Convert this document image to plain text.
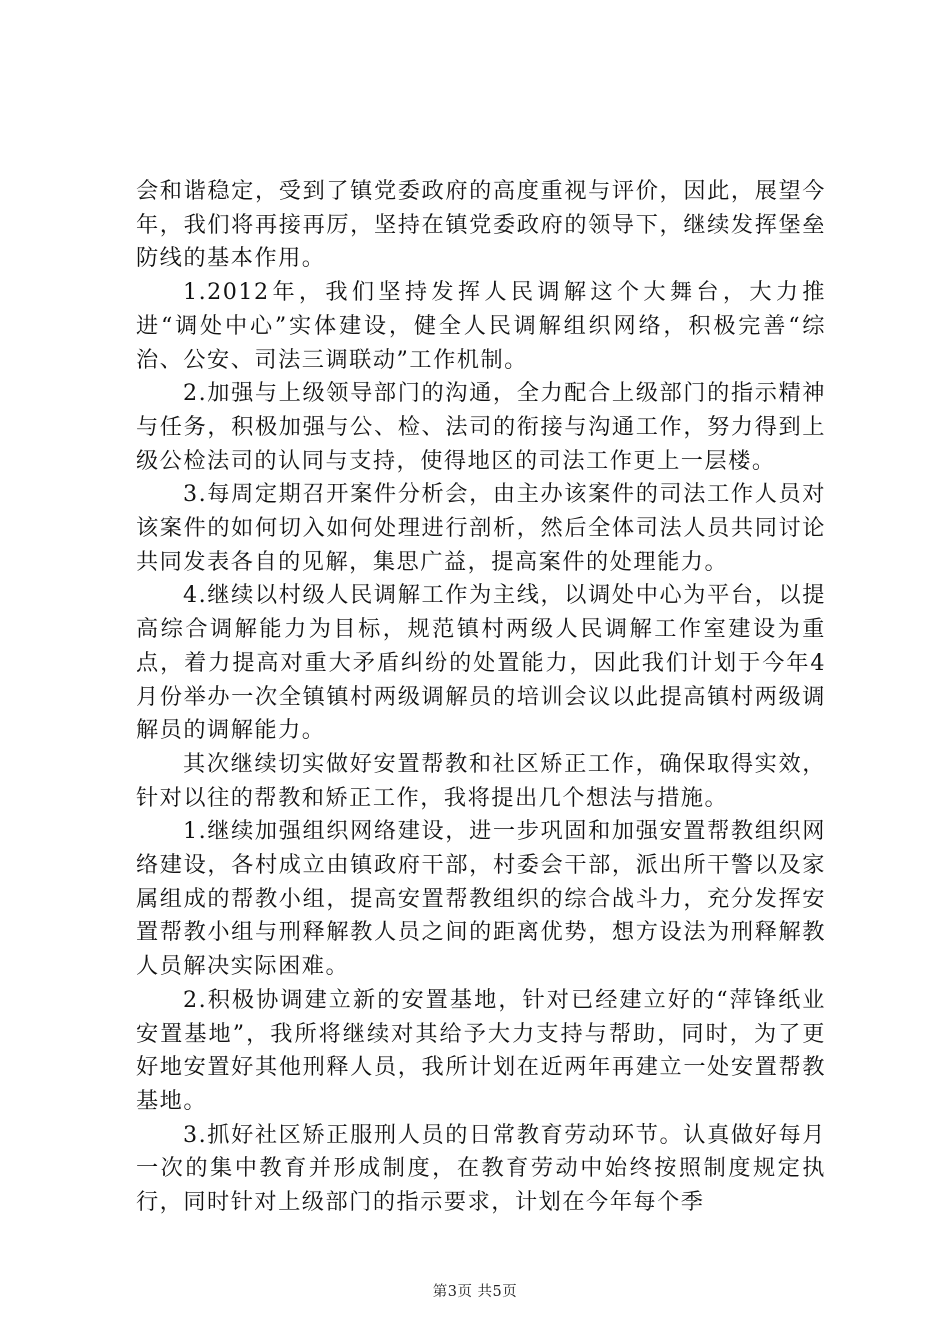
会和谐稳定，受到了镇党委政府的高度重视与评价，因此，展望今年，我们将再接再厉，坚持在镇党委政府的领导下，继续发挥堡垒防线的基本作用。

1.2012年，我们坚持发挥人民调解这个大舞台，大力推进“调处中心”实体建设，健全人民调解组织网络，积极完善“综治、公安、司法三调联动”工作机制。

2.加强与上级领导部门的沟通，全力配合上级部门的指示精神与任务，积极加强与公、检、法司的衔接与沟通工作，努力得到上级公检法司的认同与支持，使得地区的司法工作更上一层楼。

3.每周定期召开案件分析会，由主办该案件的司法工作人员对该案件的如何切入如何处理进行剖析，然后全体司法人员共同讨论共同发表各自的见解，集思广益，提高案件的处理能力。

4.继续以村级人民调解工作为主线，以调处中心为平台，以提高综合调解能力为目标，规范镇村两级人民调解工作室建设为重点，着力提高对重大矛盾纠纷的处置能力，因此我们计划于今年4月份举办一次全镇镇村两级调解员的培训会议以此提高镇村两级调解员的调解能力。

其次继续切实做好安置帮教和社区矫正工作，确保取得实效，针对以往的帮教和矫正工作，我将提出几个想法与措施。

1.继续加强组织网络建设，进一步巩固和加强安置帮教组织网络建设，各村成立由镇政府干部，村委会干部，派出所干警以及家属组成的帮教小组，提高安置帮教组织的综合战斗力，充分发挥安置帮教小组与刑释解教人员之间的距离优势，想方设法为刑释解教人员解决实际困难。

2.积极协调建立新的安置基地，针对已经建立好的“萍锋纸业安置基地”，我所将继续对其给予大力支持与帮助，同时，为了更好地安置好其他刑释人员，我所计划在近两年再建立一处安置帮教基地。

3.抓好社区矫正服刑人员的日常教育劳动环节。认真做好每月一次的集中教育并形成制度，在教育劳动中始终按照制度规定执行，同时针对上级部门的指示要求，计划在今年每个季

第3页 共5页
